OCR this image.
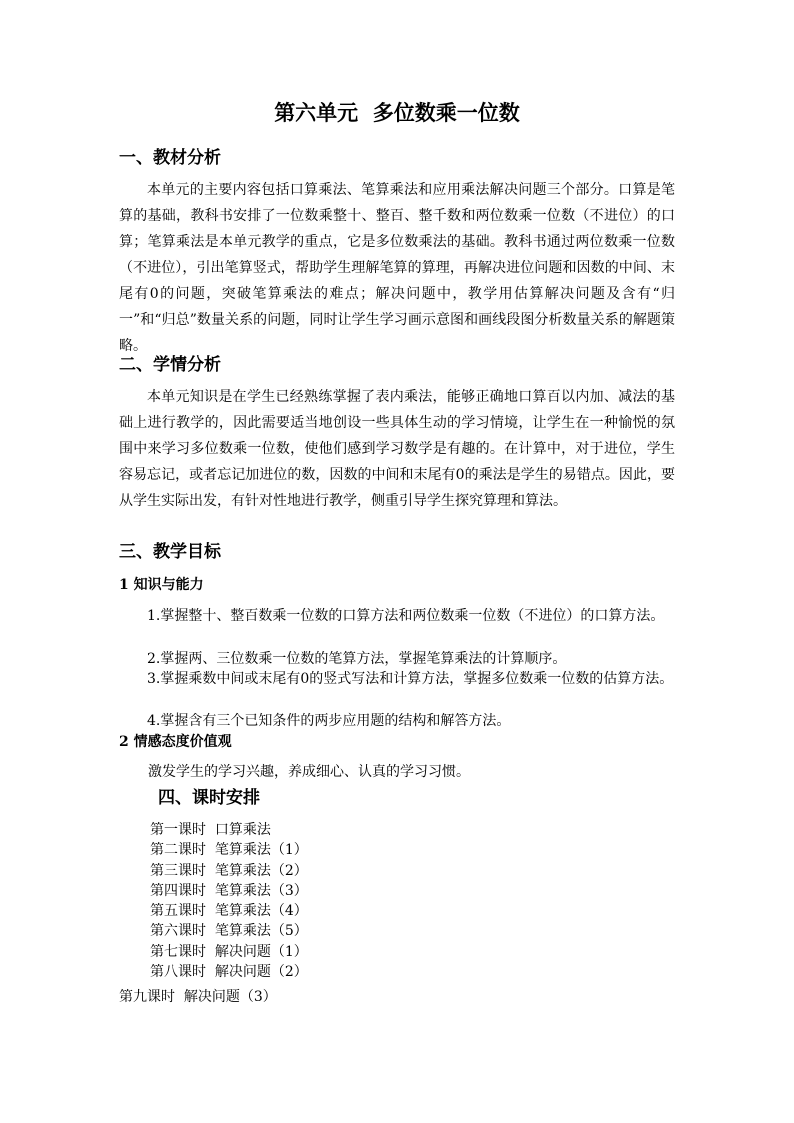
第六单元  多位数乘一位数
一、教材分析
本单元的主要内容包括口算乘法、笔算乘法和应用乘法解决问题三个部分。口算是笔算的基础，教科书安排了一位数乘整十、整百、整千数和两位数乘一位数（不进位）的口算；笔算乘法是本单元教学的重点，它是多位数乘法的基础。教科书通过两位数乘一位数（不进位），引出笔算竖式，帮助学生理解笔算的算理，再解决进位问题和因数的中间、末尾有0的问题，突破笔算乘法的难点；解决问题中，教学用估算解决问题及含有“归一”和“归总”数量关系的问题，同时让学生学习画示意图和画线段图分析数量关系的解题策略。
二、学情分析
本单元知识是在学生已经熟练掌握了表内乘法，能够正确地口算百以内加、减法的基础上进行教学的，因此需要适当地创设一些具体生动的学习情境，让学生在一种愉悦的氛围中来学习多位数乘一位数，使他们感到学习数学是有趣的。在计算中，对于进位，学生容易忘记，或者忘记加进位的数，因数的中间和末尾有0的乘法是学生的易错点。因此，要从学生实际出发，有针对性地进行教学，侧重引导学生探究算理和算法。
三、教学目标
1 知识与能力
1.掌握整十、整百数乘一位数的口算方法和两位数乘一位数（不进位）的口算方法。
2.掌握两、三位数乘一位数的笔算方法，掌握笔算乘法的计算顺序。
3.掌握乘数中间或末尾有0的竖式写法和计算方法，掌握多位数乘一位数的估算方法。
4.掌握含有三个已知条件的两步应用题的结构和解答方法。
2 情感态度价值观
激发学生的学习兴趣，养成细心、认真的学习习惯。
四、课时安排
第一课时  口算乘法
第二课时  笔算乘法（1）
第三课时  笔算乘法（2）
第四课时  笔算乘法（3）
第五课时  笔算乘法（4）
第六课时  笔算乘法（5）
第七课时  解决问题（1）
第八课时  解决问题（2）
第九课时  解决问题（3）
